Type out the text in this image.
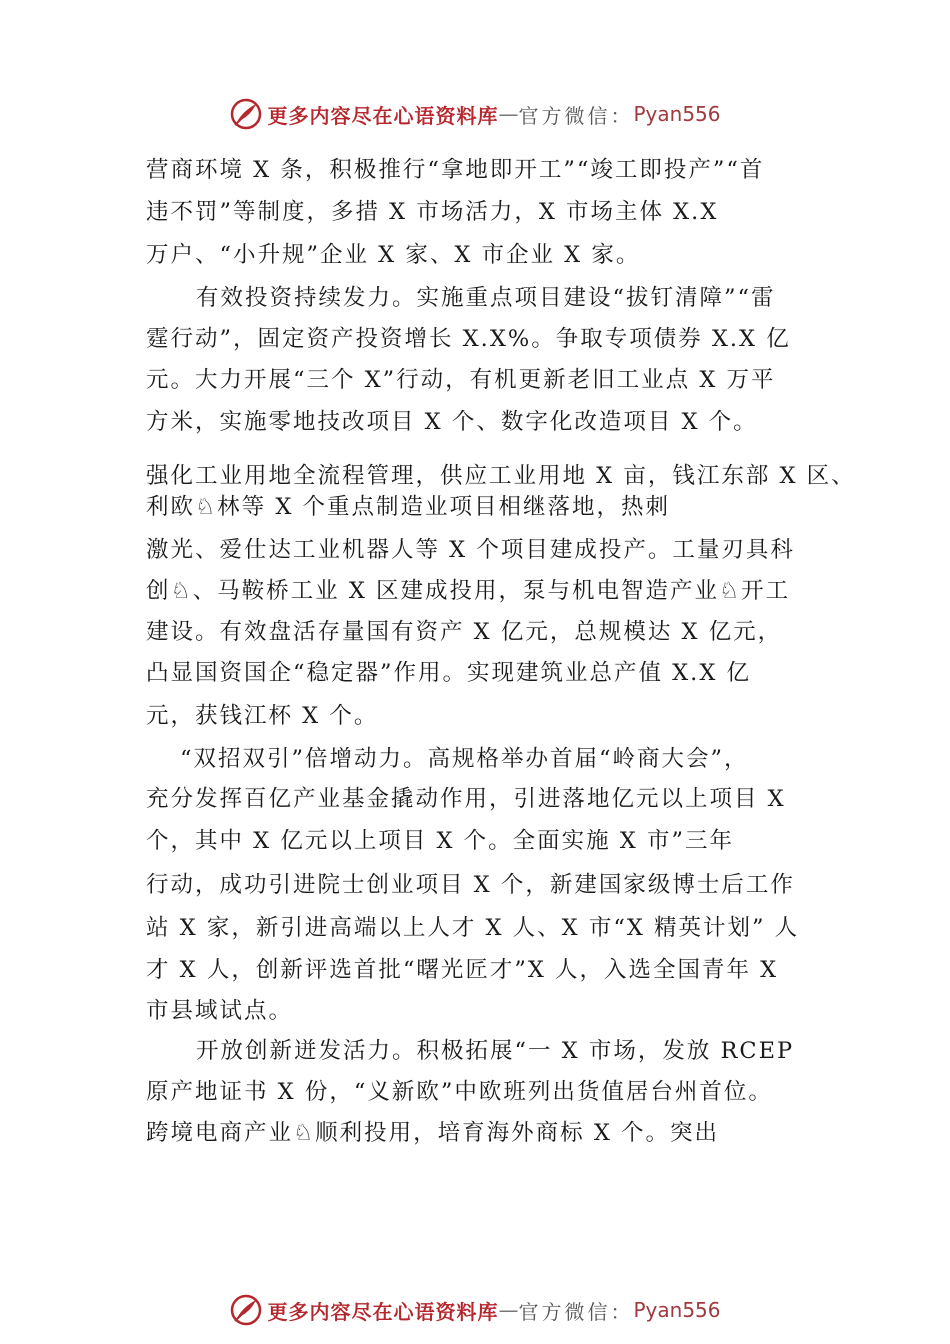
更多内容尽在心语资料库 — 官方微信： Pyan556
营商环境 X 条，积极推行“拿地即开工”“竣工即投产”“首
违不罚”等制度，多措 X 市场活力，X 市场主体 X.X
万户、“小升规”企业 X 家、X 市企业 X 家。
有效投资持续发力。实施重点项目建设“拔钉清障”“雷
霆行动”，固定资产投资增长 X.X%。争取专项债券 X.X 亿
元。大力开展“三个 X”行动，有机更新老旧工业点 X 万平
方米，实施零地技改项目 X 个、数字化改造项目 X 个。
强化工业用地全流程管理，供应工业用地 X 亩，钱江东部 X 区、
利欧♘林等 X 个重点制造业项目相继落地，热刺
激光、爱仕达工业机器人等 X 个项目建成投产。工量刃具科
创♘、马鞍桥工业 X 区建成投用，泵与机电智造产业♘开工
建设。有效盘活存量国有资产 X 亿元，总规模达 X 亿元，
凸显国资国企“稳定器”作用。实现建筑业总产值 X.X 亿
元，获钱江杯 X 个。
“双招双引”倍增动力。高规格举办首届“岭商大会”，
充分发挥百亿产业基金撬动作用，引进落地亿元以上项目 X
个，其中 X 亿元以上项目 X 个。全面实施 X 市”三年
行动，成功引进院士创业项目 X 个，新建国家级博士后工作
站 X 家，新引进高端以上人才 X 人、X 市“X 精英计划” 人
才 X 人，创新评选首批“曙光匠才”X 人，入选全国青年 X
市县域试点。
开放创新迸发活力。积极拓展“一 X 市场，发放 RCEP
原产地证书 X 份，“义新欧”中欧班列出货值居台州首位。
跨境电商产业♘顺利投用，培育海外商标 X 个。突出
更多内容尽在心语资料库 — 官方微信： Pyan556
